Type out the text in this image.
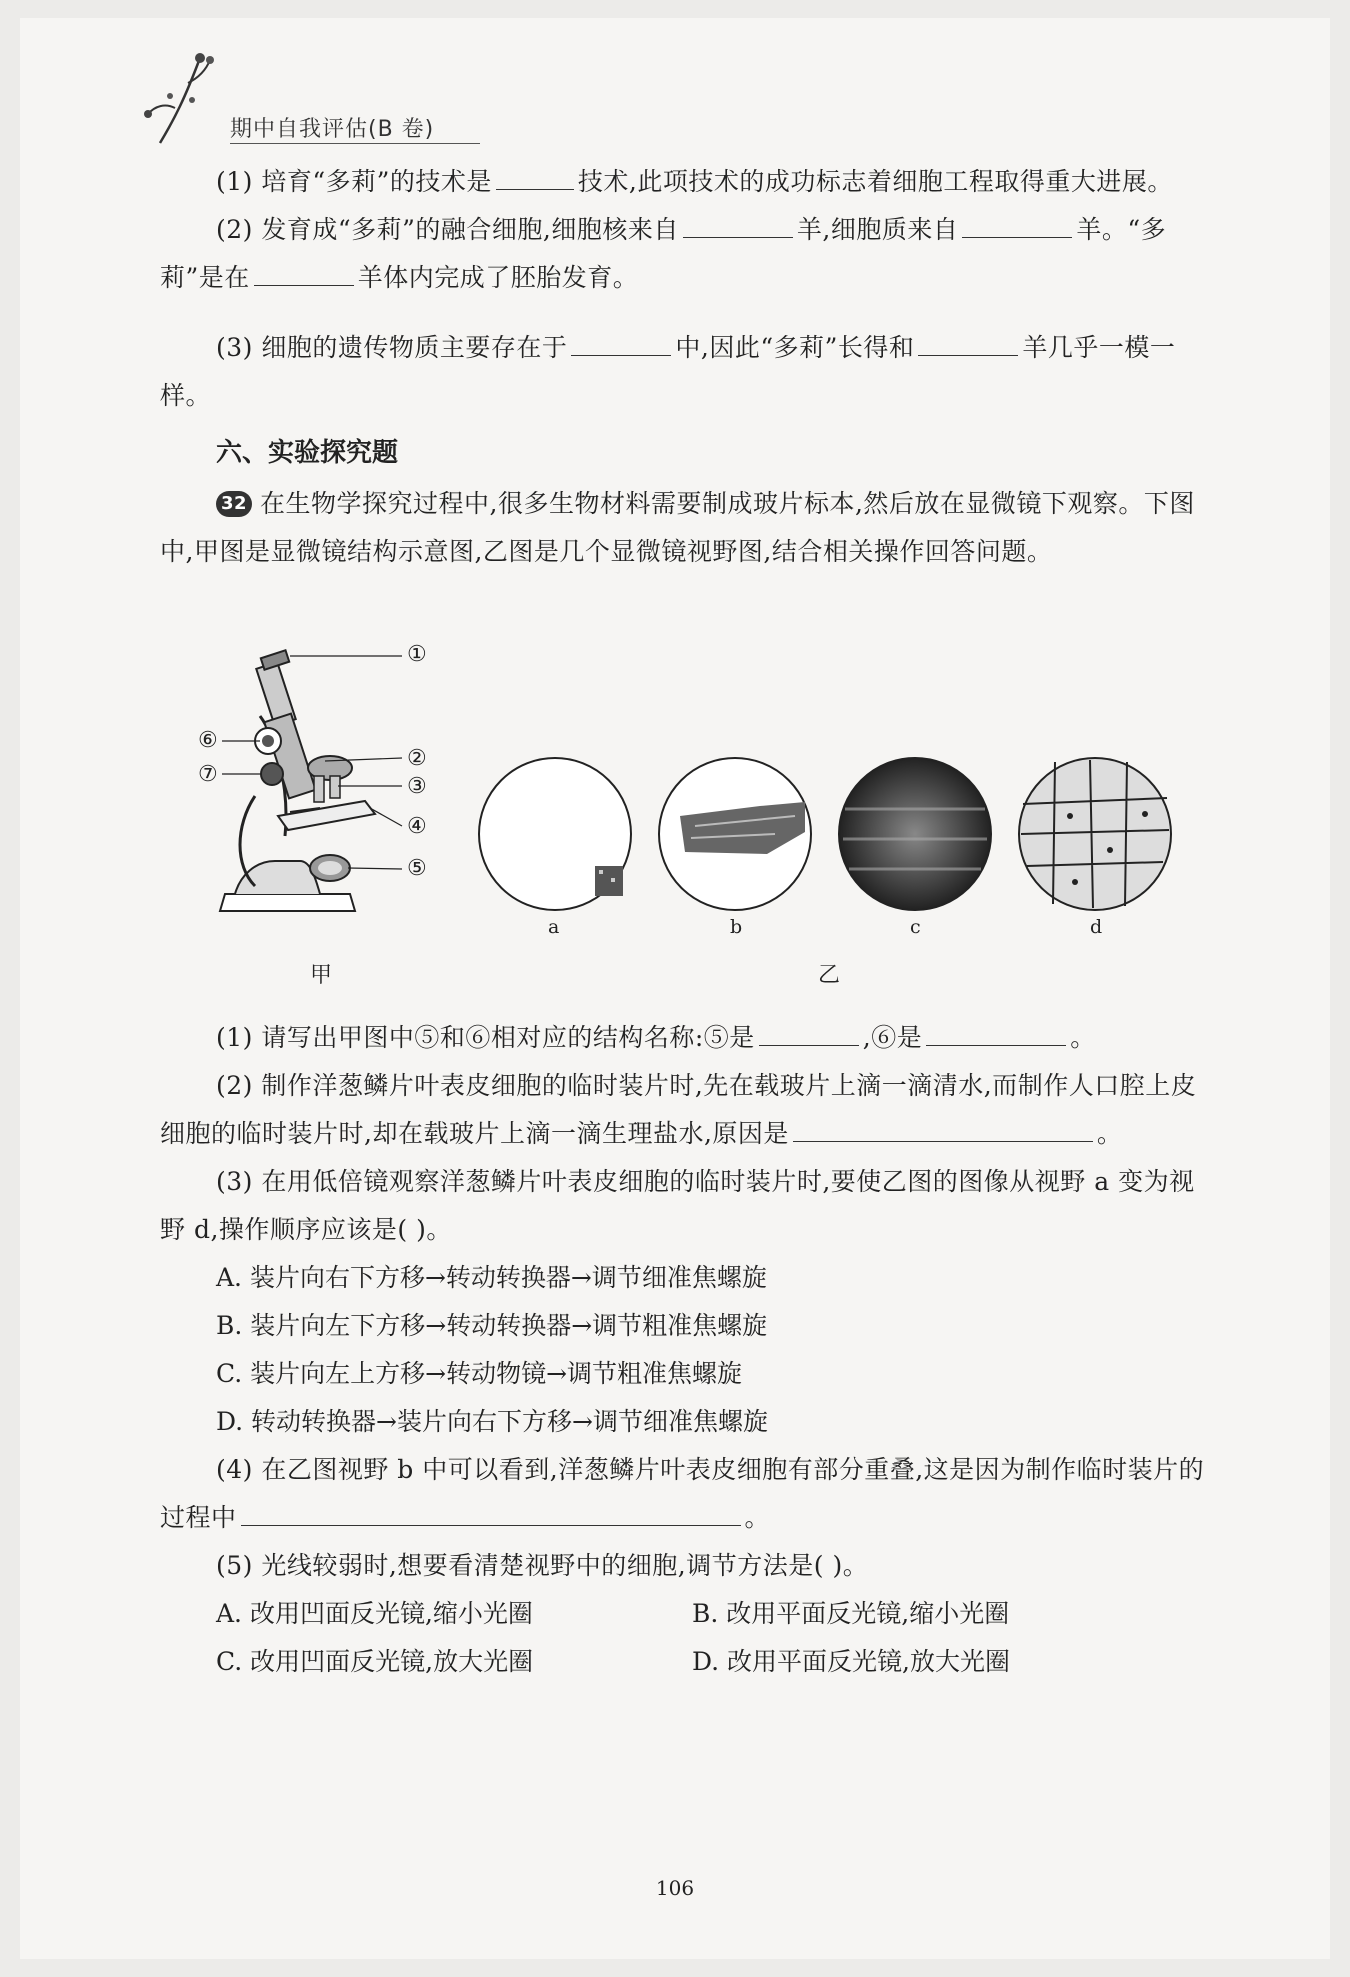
期中自我评估(B 卷)
(1) 培育“多莉”的技术是	技术,此项技术的成功标志着细胞工程取得重大进展。
(2) 发育成“多莉”的融合细胞,细胞核来自	羊,细胞质来自	羊。“多莉”是在	羊体内完成了胚胎发育。
(3) 细胞的遗传物质主要存在于	中,因此“多莉”长得和	羊几乎一模一样。
六、实验探究题
32 在生物学探究过程中,很多生物材料需要制成玻片标本,然后放在显微镜下观察。下图中,甲图是显微镜结构示意图,乙图是几个显微镜视野图,结合相关操作回答问题。
①
②
③
④
⑤
⑥
⑦
a	b	c	d
甲	乙
(1) 请写出甲图中⑤和⑥相对应的结构名称:⑤是	,⑥是	。
(2) 制作洋葱鳞片叶表皮细胞的临时装片时,先在载玻片上滴一滴清水,而制作人口腔上皮细胞的临时装片时,却在载玻片上滴一滴生理盐水,原因是	。
(3) 在用低倍镜观察洋葱鳞片叶表皮细胞的临时装片时,要使乙图的图像从视野 a 变为视野 d,操作顺序应该是( )。
A. 装片向右下方移→转动转换器→调节细准焦螺旋
B. 装片向左下方移→转动转换器→调节粗准焦螺旋
C. 装片向左上方移→转动物镜→调节粗准焦螺旋
D. 转动转换器→装片向右下方移→调节细准焦螺旋
(4) 在乙图视野 b 中可以看到,洋葱鳞片叶表皮细胞有部分重叠,这是因为制作临时装片的过程中	。
(5) 光线较弱时,想要看清楚视野中的细胞,调节方法是( )。
A. 改用凹面反光镜,缩小光圈	B. 改用平面反光镜,缩小光圈
C. 改用凹面反光镜,放大光圈	D. 改用平面反光镜,放大光圈
106
